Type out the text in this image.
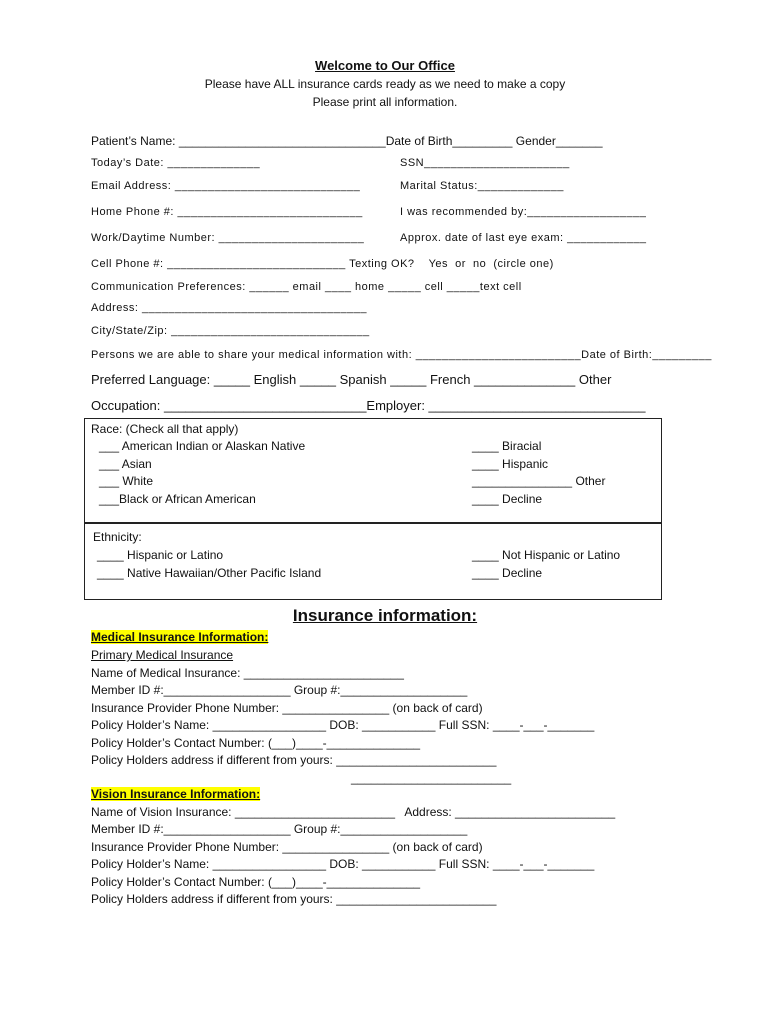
Welcome to Our Office
Please have ALL insurance cards ready as we need to make a copy
Please print all information.
Patient’s Name: _______________________________Date of Birth_________ Gender_______
Today’s Date: ______________	SSN______________________
Email Address: ____________________________	Marital Status:_____________
Home Phone #: ____________________________	I was recommended by:__________________
Work/Daytime Number: ______________________	Approx. date of last eye exam: ____________
Cell Phone #: ___________________________ Texting OK?    Yes  or  no  (circle one)
Communication Preferences: ______ email ____ home _____ cell _____text cell
Address: __________________________________
City/State/Zip: ______________________________
Persons we are able to share your medical information with: _________________________Date of Birth:_________
Preferred Language: _____ English _____ Spanish _____ French ______________ Other
Occupation: ____________________________Employer: ______________________________
Race: (Check all that apply)
___ American Indian or Alaskan Native
___ Asian
___ White
___Black or African American
____ Biracial
____ Hispanic
_______________ Other
____ Decline
Ethnicity:
____ Hispanic or Latino
____ Native Hawaiian/Other Pacific Island
____ Not Hispanic or Latino
____ Decline
Insurance information:
Medical Insurance Information:
Primary Medical Insurance
Name of Medical Insurance: ________________________
Member ID #:___________________ Group #:___________________
Insurance Provider Phone Number: ________________ (on back of card)
Policy Holder’s Name: _________________ DOB: ___________ Full SSN: ____-___-_______
Policy Holder’s Contact Number: (___)____-______________
Policy Holders address if different from yours: ________________________
________________________
Vision Insurance Information:
Name of Vision Insurance: ________________________   Address: ________________________
Member ID #:___________________ Group #:___________________
Insurance Provider Phone Number: ________________ (on back of card)
Policy Holder’s Name: _________________ DOB: ___________ Full SSN: ____-___-_______
Policy Holder’s Contact Number: (___)____-______________
Policy Holders address if different from yours: ________________________
